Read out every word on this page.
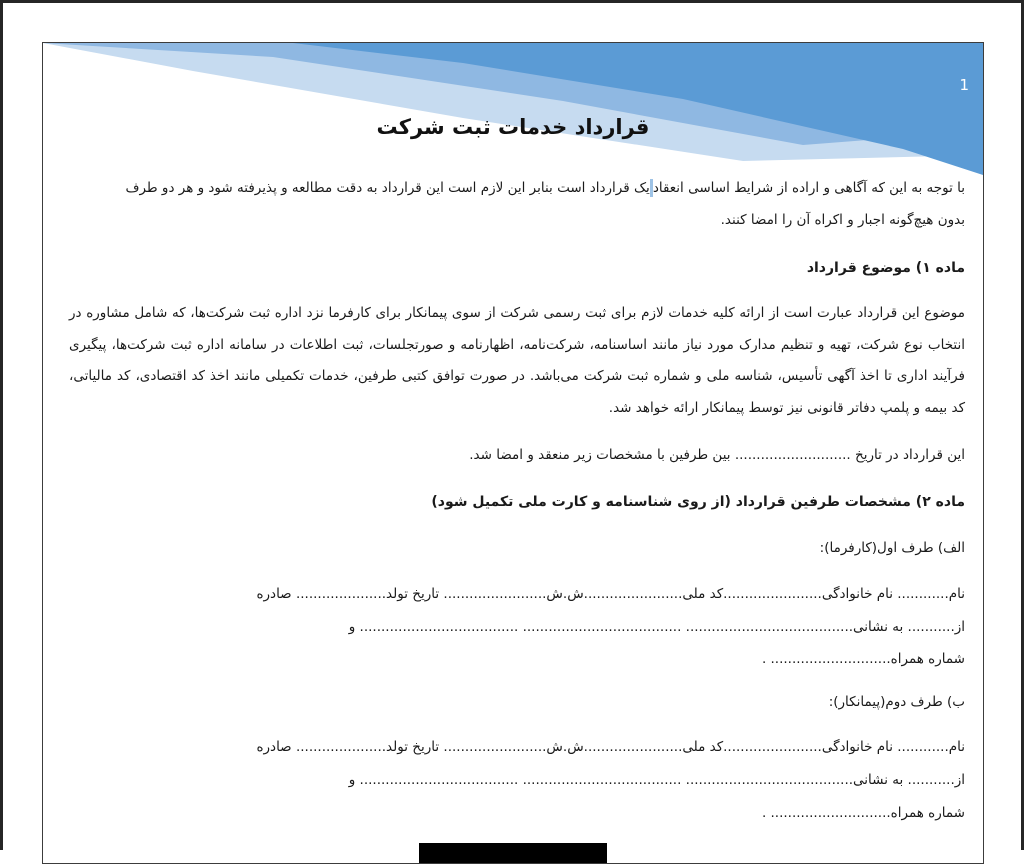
1
قرارداد خدمات ثبت شرکت
با توجه به این که آگاهی و اراده از شرایط اساسی انعقادیک قرارداد است بنابر این لازم است این قرارداد به دقت مطالعه و پذیرفته شود و هر دو طرف
بدون هیچ‌گونه اجبار و اکراه آن را امضا کنند.
ماده ۱) موضوع قرارداد
موضوع این قرارداد عبارت است از ارائه کلیه خدمات لازم برای ثبت رسمی شرکت از سوی پیمانکار برای کارفرما نزد اداره ثبت شرکت‌ها، که شامل مشاوره در انتخاب نوع شرکت، تهیه و تنظیم مدارک مورد نیاز مانند اساسنامه، شرکت‌نامه، اظهارنامه و صورتجلسات، ثبت اطلاعات در سامانه اداره ثبت شرکت‌ها، پیگیری فرآیند اداری تا اخذ آگهی تأسیس، شناسه ملی و شماره ثبت شرکت می‌باشد. در صورت توافق کتبی طرفین، خدمات تکمیلی مانند اخذ کد اقتصادی، کد مالیاتی، کد بیمه و پلمپ دفاتر قانونی نیز توسط پیمانکار ارائه خواهد شد.
این قرارداد در تاریخ ........................... بین طرفین با مشخصات زیر منعقد و امضا شد.
ماده ۲) مشخصات طرفین قرارداد (از روی شناسنامه و کارت ملی تکمیل شود)
الف) طرف اول(کارفرما):
نام............ نام خانوادگی.......................کد ملی.......................ش.ش........................ تاریخ تولد..................... صادره
از........... به نشانی....................................... ..................................... ..................................... و
شماره همراه............................ .
ب) طرف دوم(پیمانکار):
نام............ نام خانوادگی.......................کد ملی.......................ش.ش........................ تاریخ تولد..................... صادره
از........... به نشانی....................................... ..................................... ..................................... و
شماره همراه............................ .
